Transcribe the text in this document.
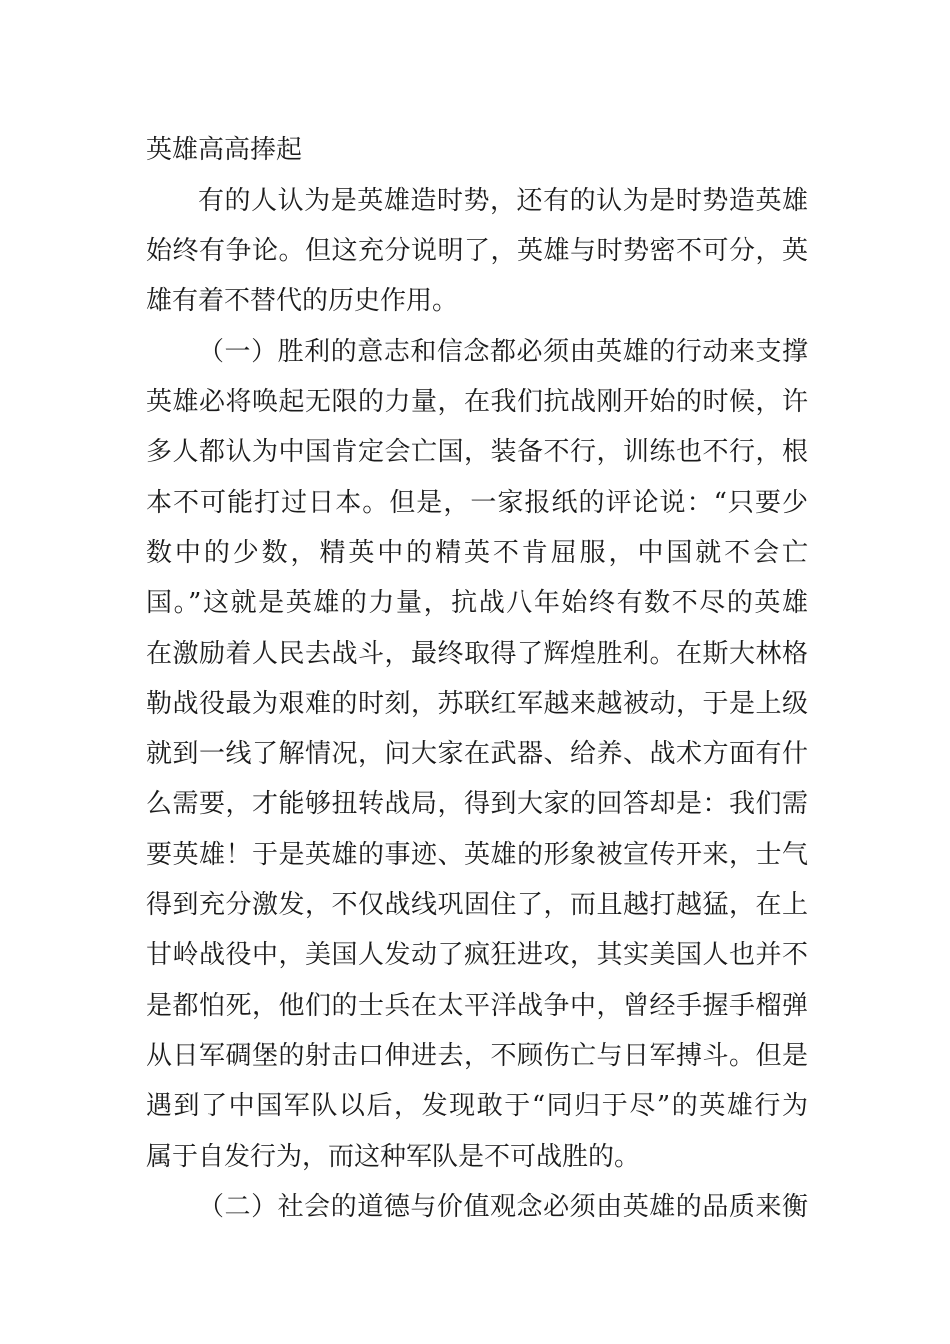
英雄高高捧起
有的人认为是英雄造时势，还有的认为是时势造英雄
始终有争论。但这充分说明了，英雄与时势密不可分，英
雄有着不替代的历史作用。
（一）胜利的意志和信念都必须由英雄的行动来支撑
英雄必将唤起无限的力量，在我们抗战刚开始的时候，许
多人都认为中国肯定会亡国，装备不行，训练也不行，根
本不可能打过日本。但是，一家报纸的评论说：“只要少
数中的少数，精英中的精英不肯屈服，中国就不会亡
国。”这就是英雄的力量，抗战八年始终有数不尽的英雄
在激励着人民去战斗，最终取得了辉煌胜利。在斯大林格
勒战役最为艰难的时刻，苏联红军越来越被动，于是上级
就到一线了解情况，问大家在武器、给养、战术方面有什
么需要，才能够扭转战局，得到大家的回答却是：我们需
要英雄！于是英雄的事迹、英雄的形象被宣传开来，士气
得到充分激发，不仅战线巩固住了，而且越打越猛，在上
甘岭战役中，美国人发动了疯狂进攻，其实美国人也并不
是都怕死，他们的士兵在太平洋战争中，曾经手握手榴弹
从日军碉堡的射击口伸进去，不顾伤亡与日军搏斗。但是
遇到了中国军队以后，发现敢于“同归于尽”的英雄行为
属于自发行为，而这种军队是不可战胜的。
（二）社会的道德与价值观念必须由英雄的品质来衡
